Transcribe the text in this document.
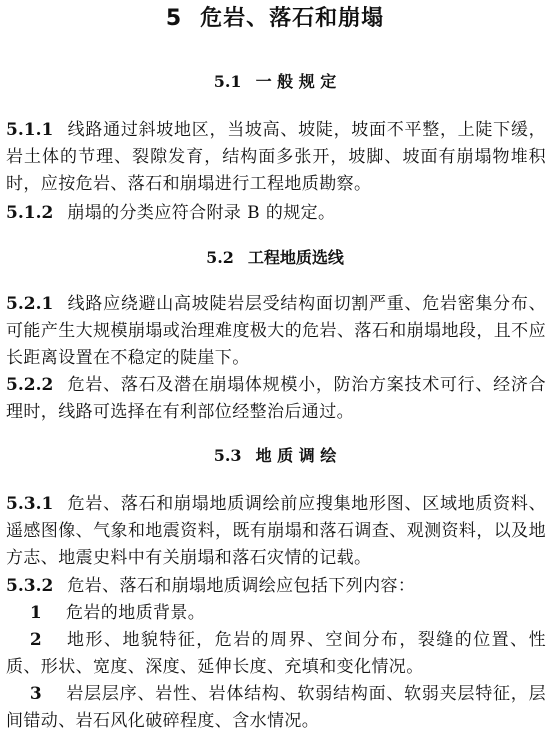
5 危岩、落石和崩塌
5.1 一 般 规 定
5.1.1 线路通过斜坡地区，当坡高、坡陡，坡面不平整，上陡下缓，岩土体的节理、裂隙发育，结构面多张开，坡脚、坡面有崩塌物堆积时，应按危岩、落石和崩塌进行工程地质勘察。
5.1.2 崩塌的分类应符合附录 B 的规定。
5.2 工程地质选线
5.2.1 线路应绕避山高坡陡岩层受结构面切割严重、危岩密集分布、可能产生大规模崩塌或治理难度极大的危岩、落石和崩塌地段，且不应长距离设置在不稳定的陡崖下。
5.2.2 危岩、落石及潜在崩塌体规模小，防治方案技术可行、经济合理时，线路可选择在有利部位经整治后通过。
5.3 地 质 调 绘
5.3.1 危岩、落石和崩塌地质调绘前应搜集地形图、区域地质资料、遥感图像、气象和地震资料，既有崩塌和落石调查、观测资料，以及地方志、地震史料中有关崩塌和落石灾情的记载。
5.3.2 危岩、落石和崩塌地质调绘应包括下列内容：
1 危岩的地质背景。
2 地形、地貌特征，危岩的周界、空间分布，裂缝的位置、性质、形状、宽度、深度、延伸长度、充填和变化情况。
3 岩层层序、岩性、岩体结构、软弱结构面、软弱夹层特征，层间错动、岩石风化破碎程度、含水情况。
